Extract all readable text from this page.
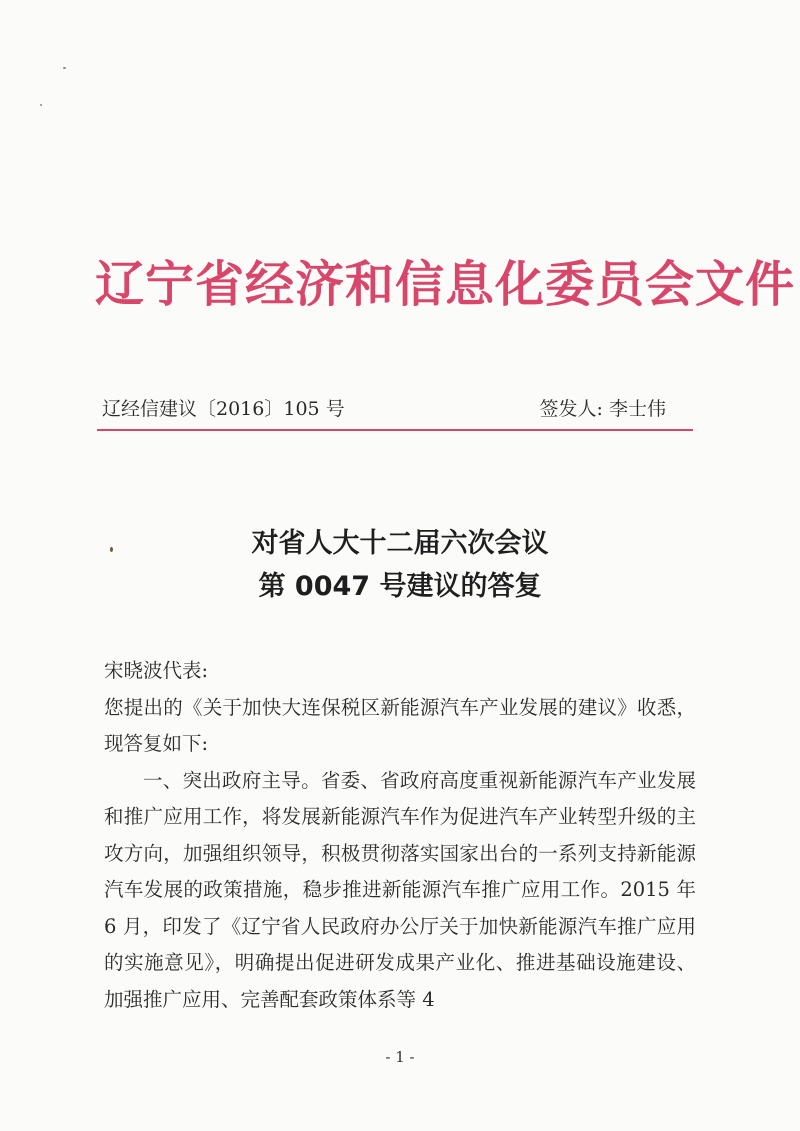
辽宁省经济和信息化委员会文件
辽经信建议〔2016〕105 号	签发人: 李士伟
对省人大十二届六次会议
第 0047 号建议的答复

宋晓波代表:

您提出的《关于加快大连保税区新能源汽车产业发展的建议》收悉，现答复如下:

一、突出政府主导。省委、省政府高度重视新能源汽车产业发展和推广应用工作，将发展新能源汽车作为促进汽车产业转型升级的主攻方向，加强组织领导，积极贯彻落实国家出台的一系列支持新能源汽车发展的政策措施，稳步推进新能源汽车推广应用工作。2015 年 6 月，印发了《辽宁省人民政府办公厅关于加快新能源汽车推广应用的实施意见》，明确提出促进研发成果产业化、推进基础设施建设、加强推广应用、完善配套政策体系等 4

- 1 -
